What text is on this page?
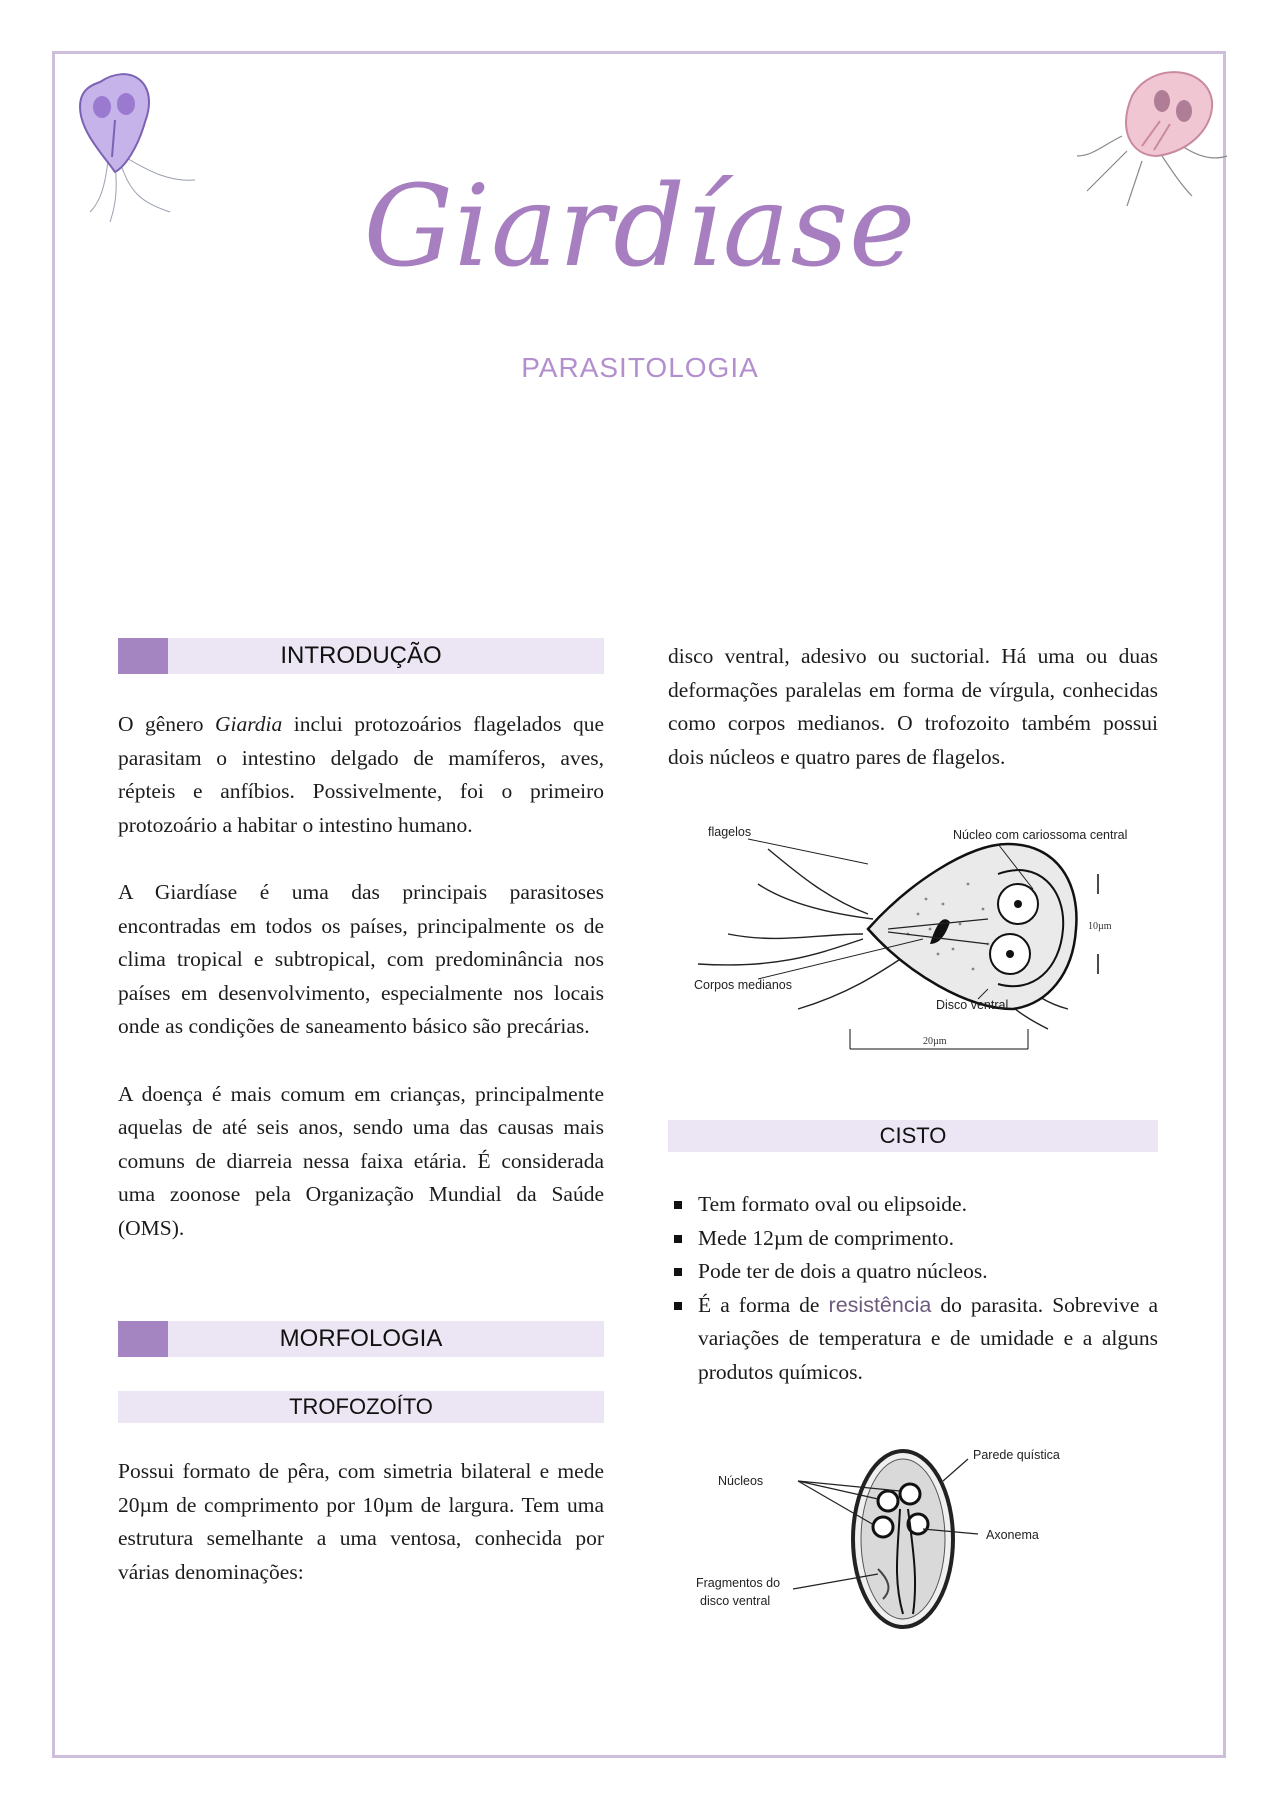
Giardíase
PARASITOLOGIA
INTRODUÇÃO

O gênero Giardia inclui protozoários flagelados que parasitam o intestino delgado de mamíferos, aves, répteis e anfíbios. Possivelmente, foi o primeiro protozoário a habitar o intestino humano.

A Giardíase é uma das principais parasitoses encontradas em todos os países, principalmente os de clima tropical e subtropical, com predominância nos países em desenvolvimento, especialmente nos locais onde as condições de saneamento básico são precárias.

A doença é mais comum em crianças, principalmente aquelas de até seis anos, sendo uma das causas mais comuns de diarreia nessa faixa etária. É considerada uma zoonose pela Organização Mundial da Saúde (OMS).

MORFOLOGIA
TROFOZOÍTO

Possui formato de pêra, com simetria bilateral e mede 20µm de comprimento por 10µm de largura. Tem uma estrutura semelhante a uma ventosa, conhecida por várias denominações:

disco ventral, adesivo ou suctorial. Há uma ou duas deformações paralelas em forma de vírgula, conhecidas como corpos medianos. O trofozoito também possui dois núcleos e quatro pares de flagelos.

flagelos	Núcleo com cariossoma central
Corpos medianos
Disco ventral
10µm
20µm
CISTO
Tem formato oval ou elipsoide.
Mede 12µm de comprimento.
Pode ter de dois a quatro núcleos.
É a forma de resistência do parasita. Sobrevive a variações de temperatura e de umidade e a alguns produtos químicos.
Núcleos
Parede quística
Axonema
Fragmentos do
disco ventral
